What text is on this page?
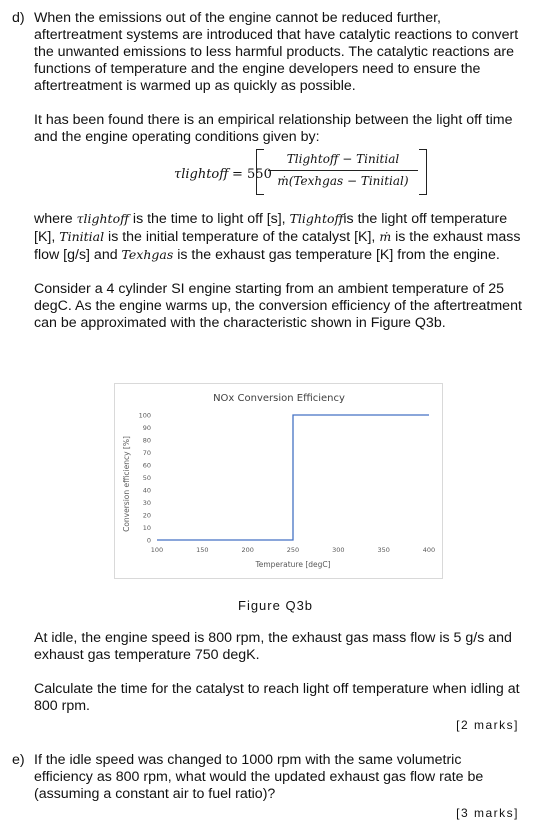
d) When the emissions out of the engine cannot be reduced further, aftertreatment systems are introduced that have catalytic reactions to convert the unwanted emissions to less harmful products. The catalytic reactions are functions of temperature and the engine developers need to ensure the aftertreatment is warmed up as quickly as possible.

It has been found there is an empirical relationship between the light off time and the engine operating conditions given by:

τlightoff = 550
Tlightoff − Tinitial
ṁ(Texhgas − Tinitial)

where τlightoff is the time to light off [s], Tlightoffis the light off temperature [K], Tinitial is the initial temperature of the catalyst [K], ṁ is the exhaust mass flow [g/s] and Texhgas is the exhaust gas temperature [K] from the engine.

Consider a 4 cylinder SI engine starting from an ambient temperature of 25 degC. As the engine warms up, the conversion efficiency of the aftertreatment can be approximated with the characteristic shown in Figure Q3b.

NOx Conversion Efficiency
Conversion efficiency [%]
Temperature [degC]
0
10
20
30
40
50
60
70
80
90
100
100	150	200	250	300	350	400
Figure Q3b

At idle, the engine speed is 800 rpm, the exhaust gas mass flow is 5 g/s and exhaust gas temperature 750 degK.

Calculate the time for the catalyst to reach light off temperature when idling at 800 rpm.

[2 marks]
e) If the idle speed was changed to 1000 rpm with the same volumetric efficiency as 800 rpm, what would the updated exhaust gas flow rate be (assuming a constant air to fuel ratio)?

[3 marks]
